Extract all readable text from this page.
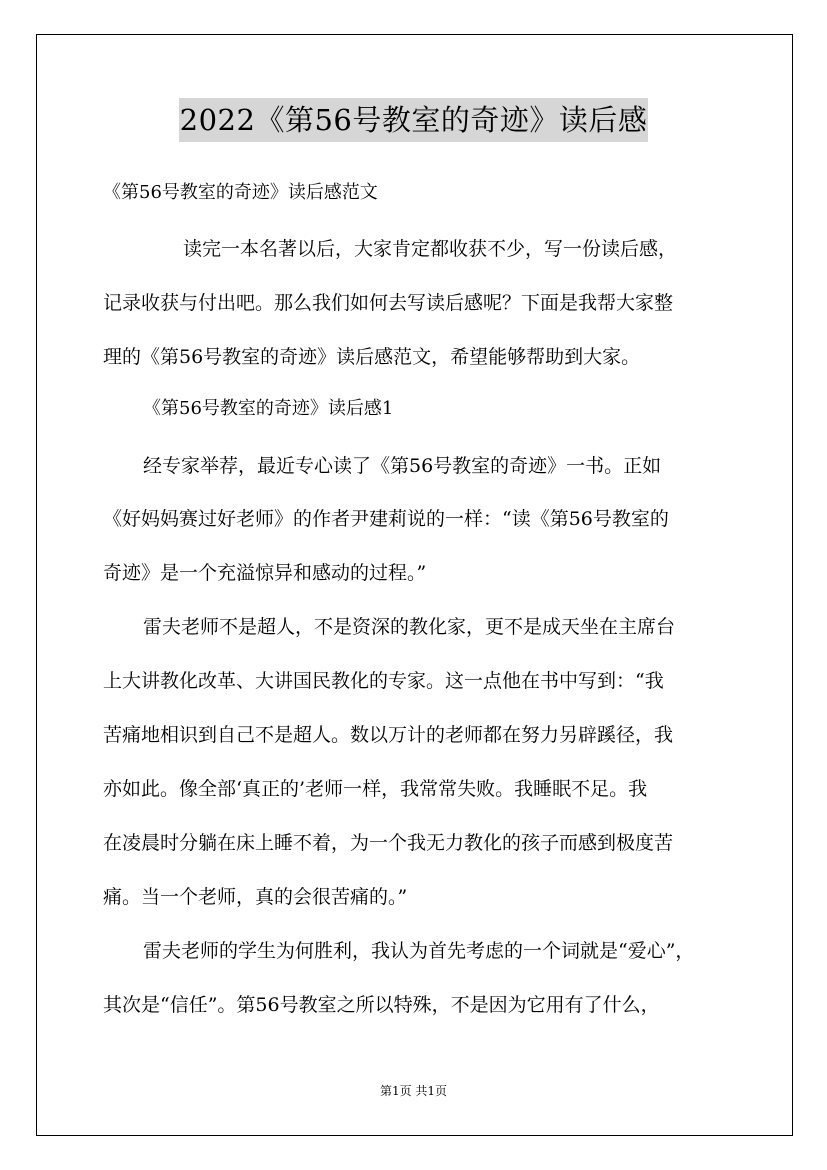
2022《第56号教室的奇迹》读后感
《第56号教室的奇迹》读后感范文
读完一本名著以后，大家肯定都收获不少，写一份读后感，
记录收获与付出吧。那么我们如何去写读后感呢？下面是我帮大家整
理的《第56号教室的奇迹》读后感范文，希望能够帮助到大家。
《第56号教室的奇迹》读后感1
经专家举荐，最近专心读了《第56号教室的奇迹》一书。正如
《好妈妈赛过好老师》的作者尹建莉说的一样：“读《第56号教室的
奇迹》是一个充溢惊异和感动的过程。”
雷夫老师不是超人，不是资深的教化家，更不是成天坐在主席台
上大讲教化改革、大讲国民教化的专家。这一点他在书中写到：“我
苦痛地相识到自己不是超人。数以万计的老师都在努力另辟蹊径，我
亦如此。像全部‘真正的’老师一样，我常常失败。我睡眠不足。我
在凌晨时分躺在床上睡不着，为一个我无力教化的孩子而感到极度苦
痛。当一个老师，真的会很苦痛的。”
雷夫老师的学生为何胜利，我认为首先考虑的一个词就是“爱心”，
其次是“信任”。第56号教室之所以特殊，不是因为它用有了什么，
第1页 共1页
